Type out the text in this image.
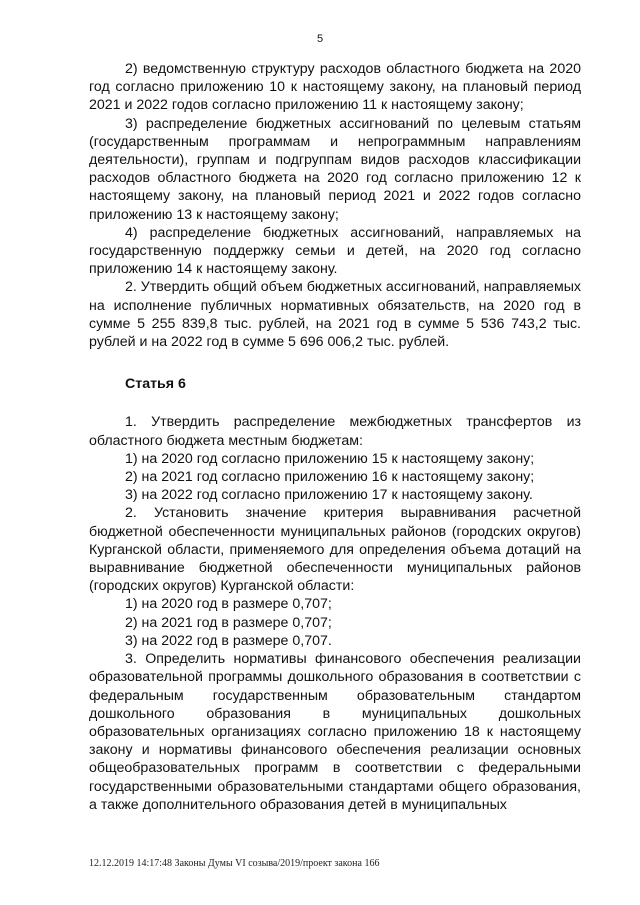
5

2) ведомственную структуру расходов областного бюджета на 2020 год согласно приложению 10 к настоящему закону, на плановый период 2021 и 2022 годов согласно приложению 11 к настоящему закону;

3) распределение бюджетных ассигнований по целевым статьям (государственным программам и непрограммным направлениям деятельности), группам и подгруппам видов расходов классификации расходов областного бюджета на 2020 год согласно приложению 12 к настоящему закону, на плановый период 2021 и 2022 годов согласно приложению 13 к настоящему закону;

4) распределение бюджетных ассигнований, направляемых на государственную поддержку семьи и детей, на 2020 год согласно приложению 14 к настоящему закону.

2. Утвердить общий объем бюджетных ассигнований, направляемых на исполнение публичных нормативных обязательств, на 2020 год в сумме 5 255 839,8 тыс. рублей, на 2021 год в сумме 5 536 743,2 тыс. рублей и на 2022 год в сумме 5 696 006,2 тыс. рублей.

Статья 6

1. Утвердить распределение межбюджетных трансфертов из областного бюджета местным бюджетам:

1) на 2020 год согласно приложению 15 к настоящему закону;

2) на 2021 год согласно приложению 16 к настоящему закону;

3) на 2022 год согласно приложению 17 к настоящему закону.

2. Установить значение критерия выравнивания расчетной бюджетной обеспеченности муниципальных районов (городских округов) Курганской области, применяемого для определения объема дотаций на выравнивание бюджетной обеспеченности муниципальных районов (городских округов) Курганской области:

1) на 2020 год в размере 0,707;

2) на 2021 год в размере 0,707;

3) на 2022 год в размере 0,707.

3. Определить нормативы финансового обеспечения реализации образовательной программы дошкольного образования в соответствии с федеральным государственным образовательным стандартом дошкольного образования в муниципальных дошкольных образовательных организациях согласно приложению 18 к настоящему закону и нормативы финансового обеспечения реализации основных общеобразовательных программ в соответствии с федеральными государственными образовательными стандартами общего образования, а также дополнительного образования детей в муниципальных

12.12.2019 14:17:48 Законы Думы VI созыва/2019/проект закона 166
